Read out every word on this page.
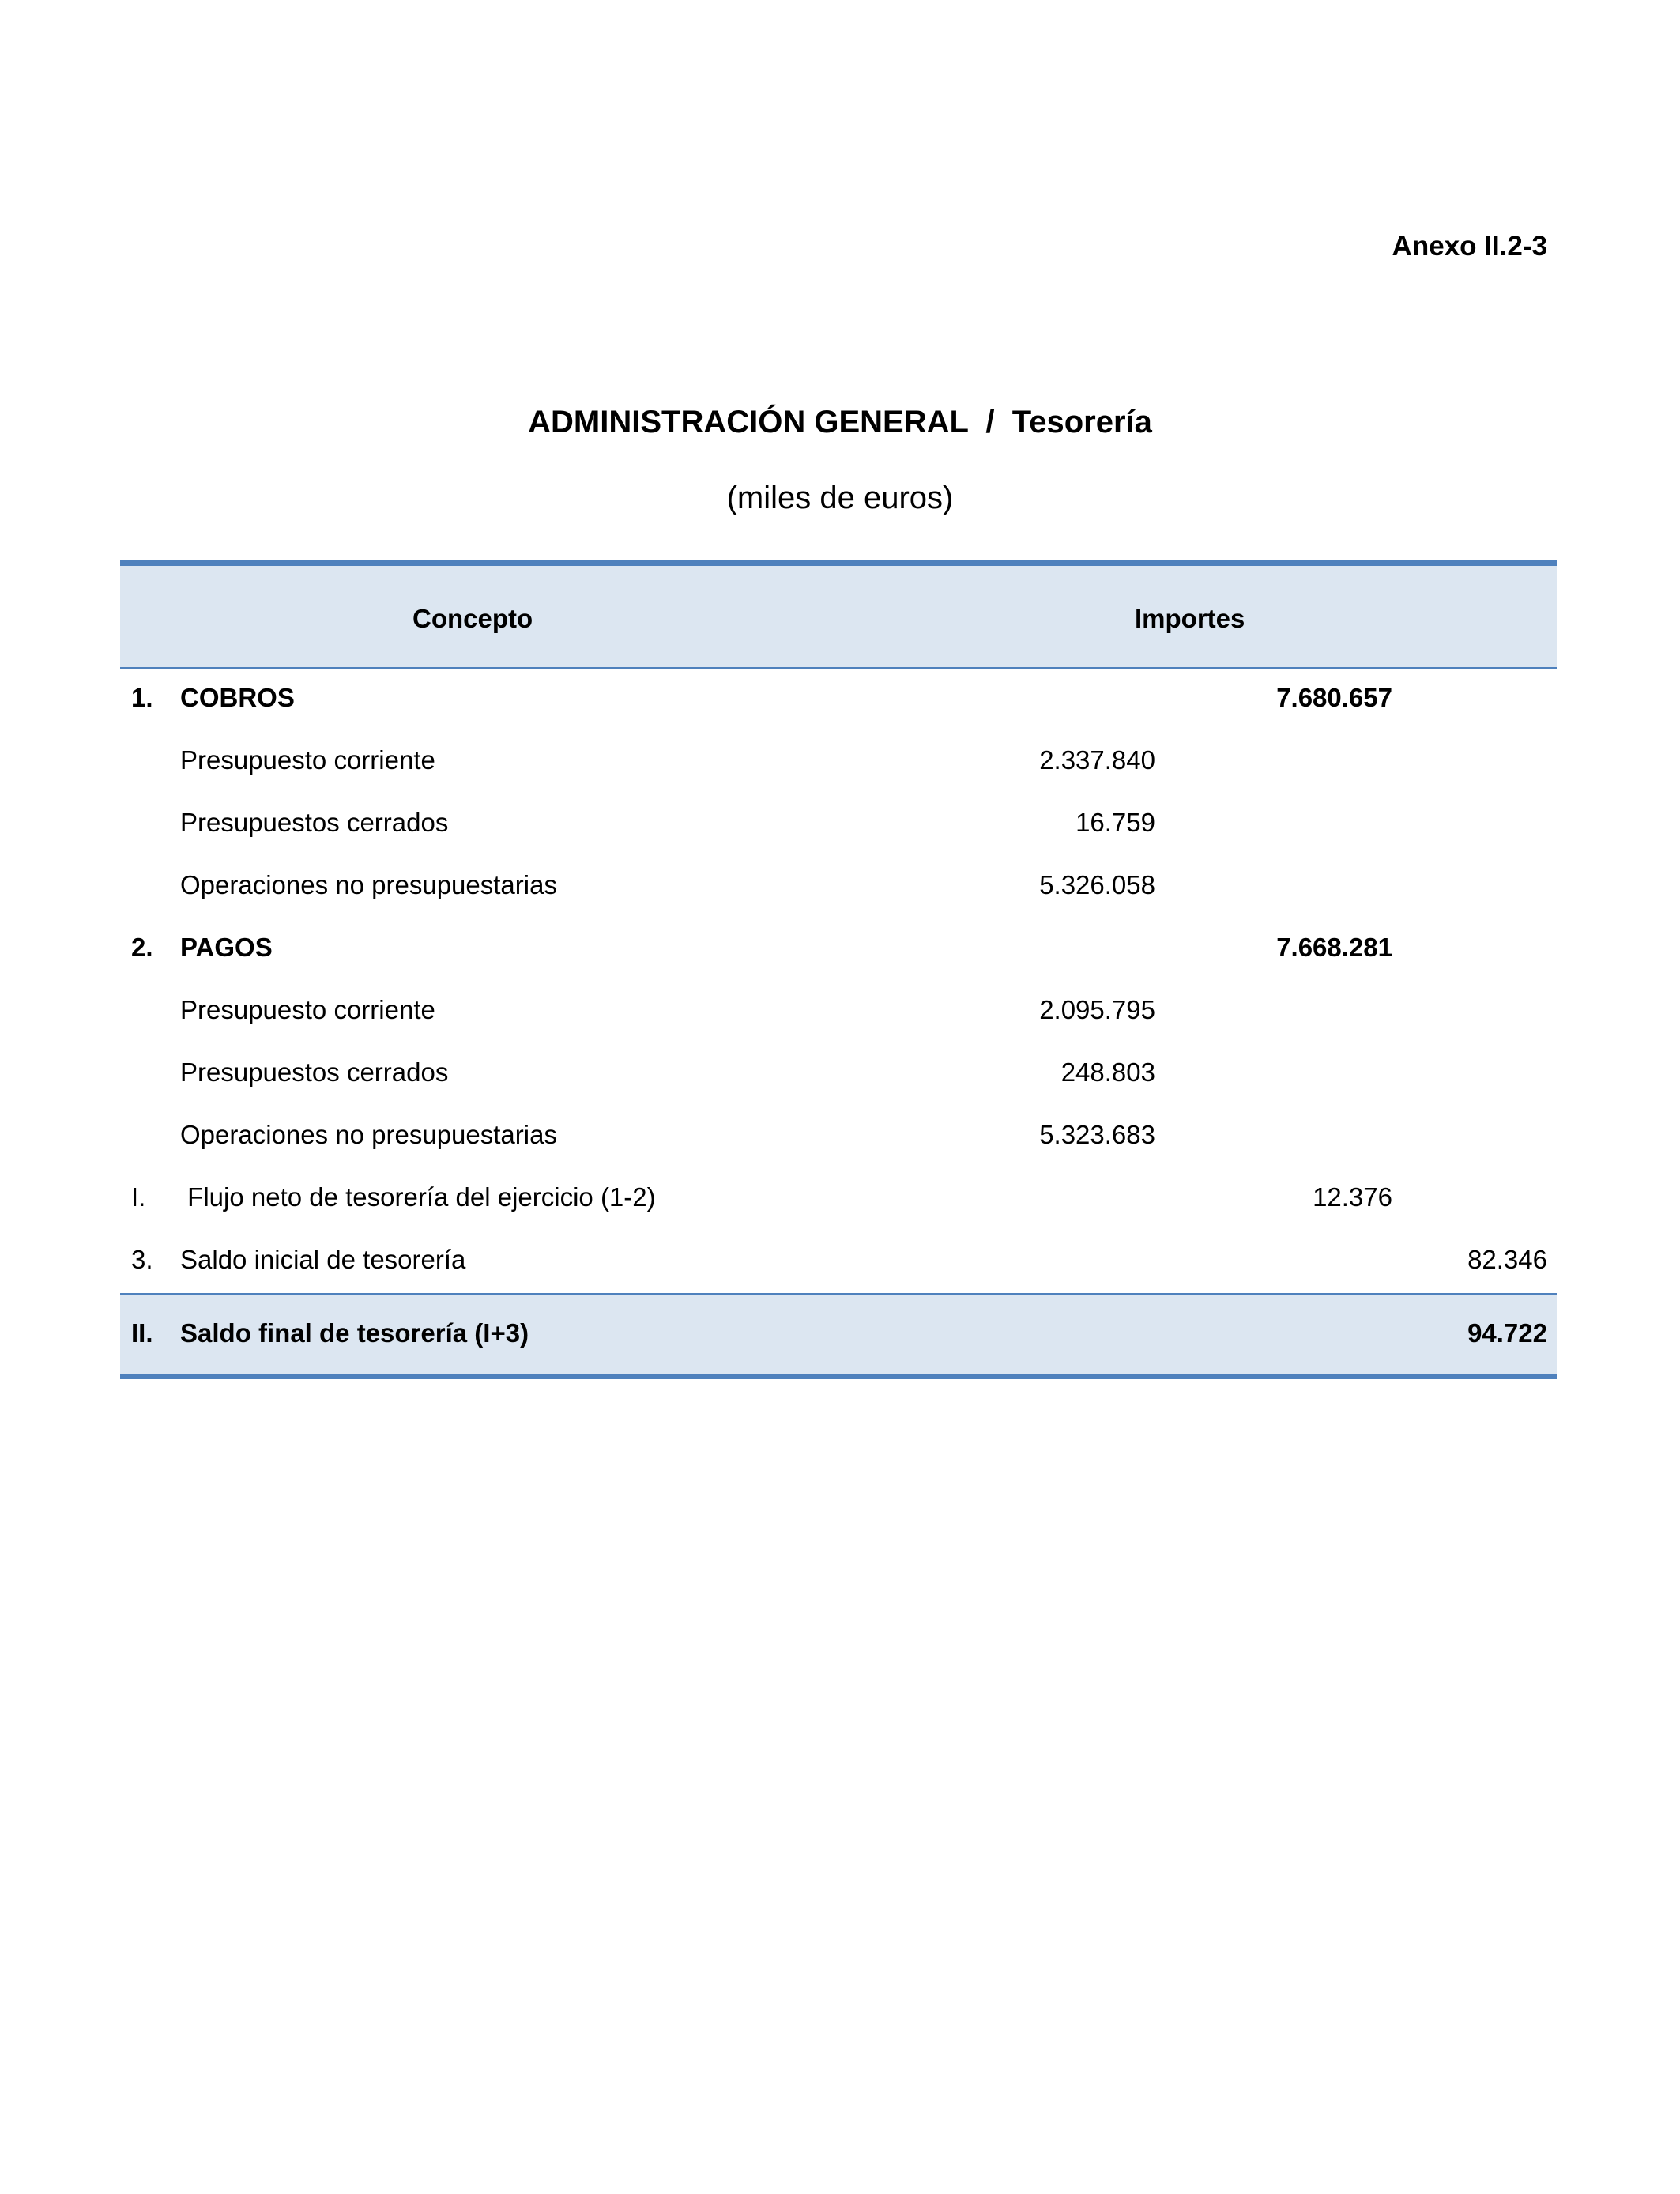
Anexo II.2-3
ADMINISTRACIÓN GENERAL  /  Tesorería
(miles de euros)
Concepto	Importes
1. COBROS	7.680.657
Presupuesto corriente	2.337.840
Presupuestos cerrados	16.759
Operaciones no presupuestarias	5.326.058
2. PAGOS	7.668.281
Presupuesto corriente	2.095.795
Presupuestos cerrados	248.803
Operaciones no presupuestarias	5.323.683
I. Flujo neto de tesorería del ejercicio (1-2)	12.376
3. Saldo inicial de tesorería	82.346
II. Saldo final de tesorería (I+3)	94.722
